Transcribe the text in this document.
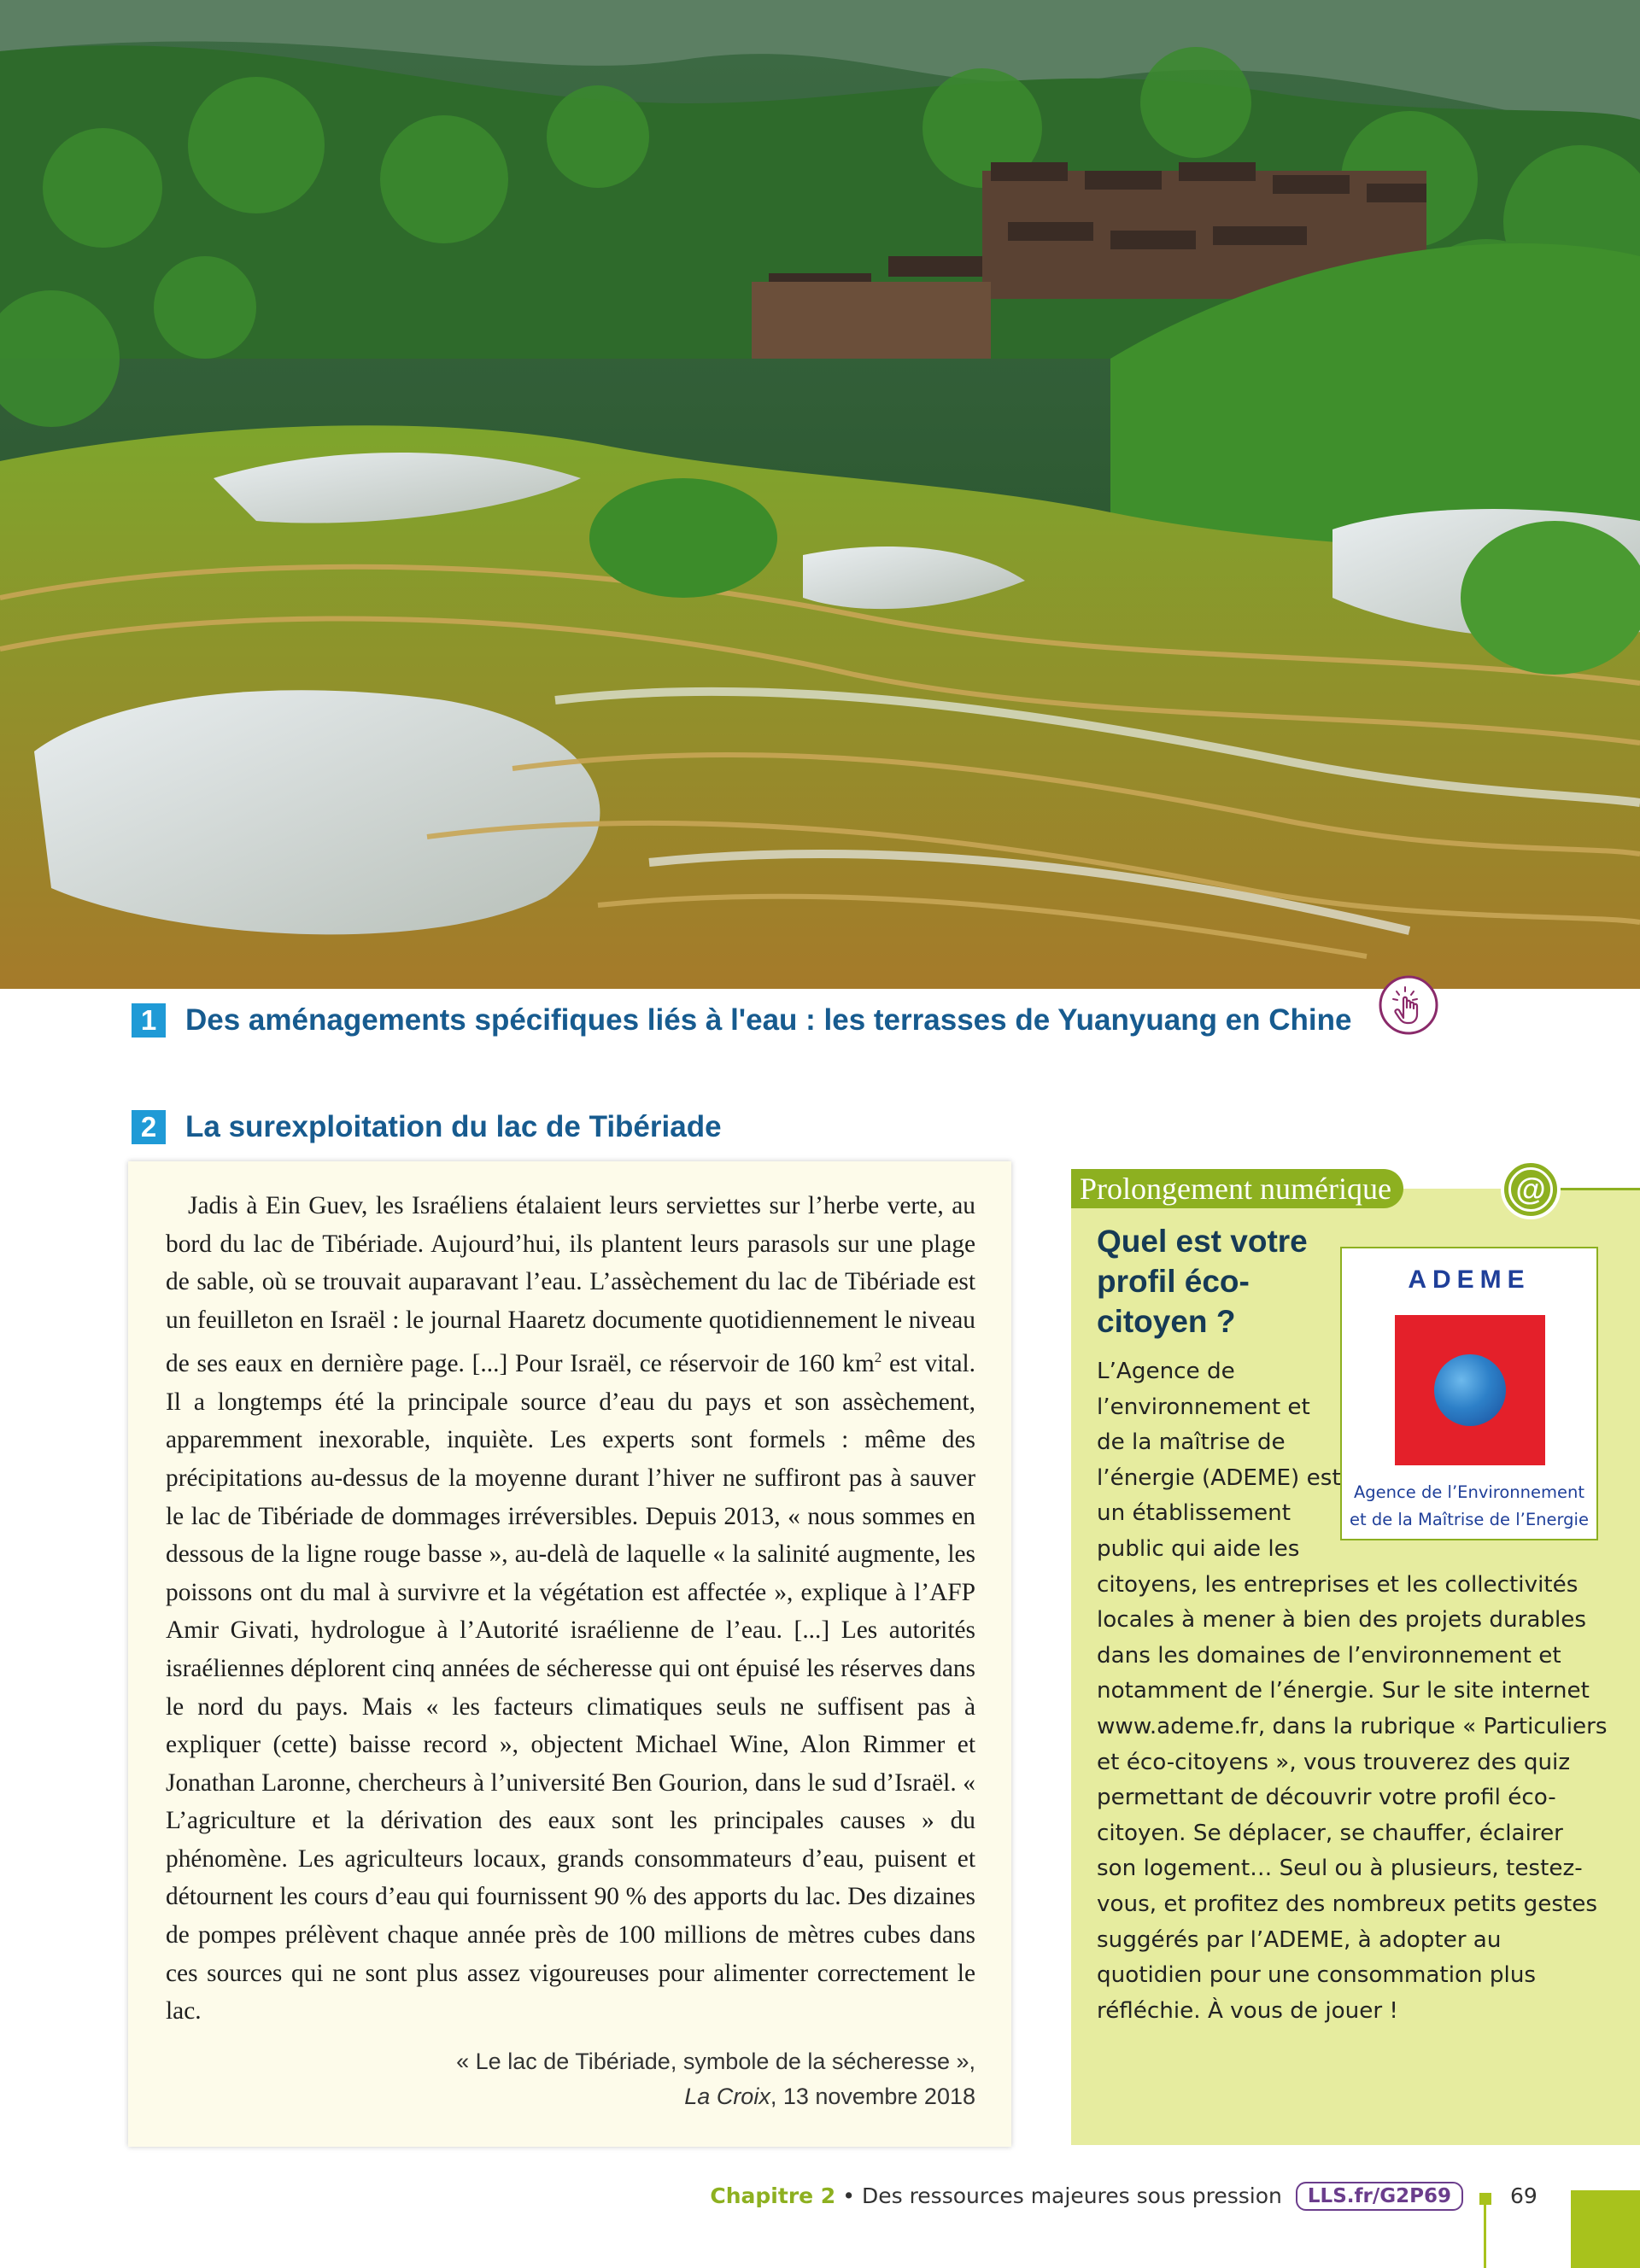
1 Des aménagements spécifiques liés à l'eau : les terrasses de Yuanyuang en Chine
2 La surexploitation du lac de Tibériade

Jadis à Ein Guev, les Israéliens étalaient leurs serviettes sur l’herbe verte, au bord du lac de Tibériade. Aujourd’hui, ils plantent leurs parasols sur une plage de sable, où se trouvait auparavant l’eau. L’assèchement du lac de Tibériade est un feuilleton en Israël : le journal Haaretz documente quotidiennement le niveau de ses eaux en dernière page. [...] Pour Israël, ce réservoir de 160 $km^2$ est vital. Il a longtemps été la principale source d’eau du pays et son assèchement, apparemment inexorable, inquiète. Les experts sont formels : même des précipitations au-dessus de la moyenne durant l’hiver ne suffiront pas à sauver le lac de Tibériade de dommages irréversibles. Depuis 2013, « nous sommes en dessous de la ligne rouge basse », au-delà de laquelle « la salinité augmente, les poissons ont du mal à survivre et la végétation est affectée », explique à l’AFP Amir Givati, hydrologue à l’Autorité israélienne de l’eau. [...] Les autorités israéliennes déplorent cinq années de sécheresse qui ont épuisé les réserves dans le nord du pays. Mais « les facteurs climatiques seuls ne suffisent pas à expliquer (cette) baisse record », objectent Michael Wine, Alon Rimmer et Jonathan Laronne, chercheurs à l’université Ben Gourion, dans le sud d’Israël. « L’agriculture et la dérivation des eaux sont les principales causes » du phénomène. Les agriculteurs locaux, grands consommateurs d’eau, puisent et détournent les cours d’eau qui fournissent 90 % des apports du lac. Des dizaines de pompes prélèvent chaque année près de 100 millions de mètres cubes dans ces sources qui ne sont plus assez vigoureuses pour alimenter correctement le lac.

« Le lac de Tibériade, symbole de la sécheresse »,
La Croix, 13 novembre 2018
Prolongement numérique	@
Quel est votre profil éco-citoyen ?
ADEME
Agence de l’Environnement
et de la Maîtrise de l’Energie
L’Agence de l’environnement et de la maîtrise de l’énergie (ADEME) est un établissement public qui aide les citoyens, les entreprises et les collectivités locales à mener à bien des projets durables dans les domaines de l’environnement et notamment de l’énergie. Sur le site internet www.ademe.fr, dans la rubrique « Particuliers et éco-citoyens », vous trouverez des quiz permettant de découvrir votre profil éco-citoyen. Se déplacer, se chauffer, éclairer son logement… Seul ou à plusieurs, testez-vous, et profitez des nombreux petits gestes suggérés par l’ADEME, à adopter au quotidien pour une consommation plus réfléchie. À vous de jouer !
Chapitre 2 • Des ressources majeures sous pression	LLS.fr/G2P69	69
